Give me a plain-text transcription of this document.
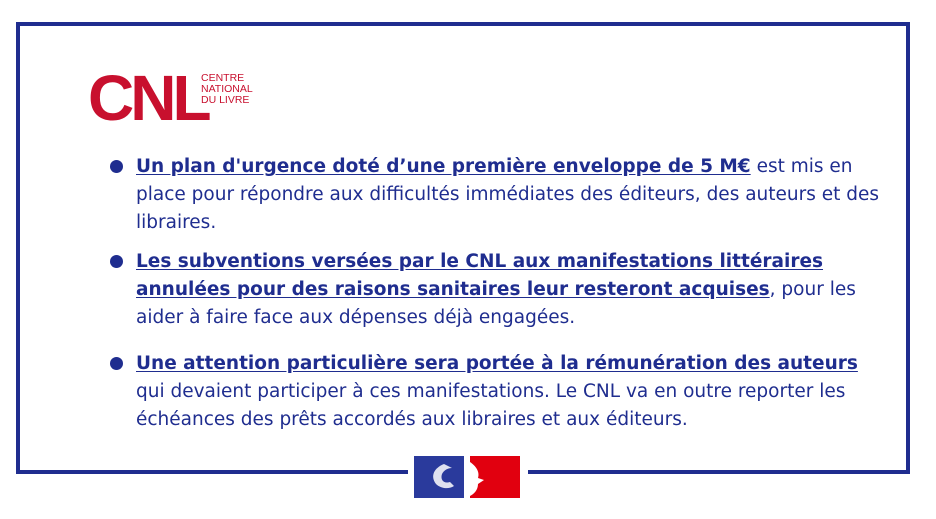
CNL
CENTRE
NATIONAL
DU LIVRE
Un plan d'urgence doté d’une première enveloppe de 5 M€ est mis en place pour répondre aux difficultés immédiates des éditeurs, des auteurs et des libraires.
Les subventions versées par le CNL aux manifestations littéraires annulées pour des raisons sanitaires leur resteront acquises, pour les aider à faire face aux dépenses déjà engagées.
Une attention particulière sera portée à la rémunération des auteurs qui devaient participer à ces manifestations. Le CNL va en outre reporter les échéances des prêts accordés aux libraires et aux éditeurs.
